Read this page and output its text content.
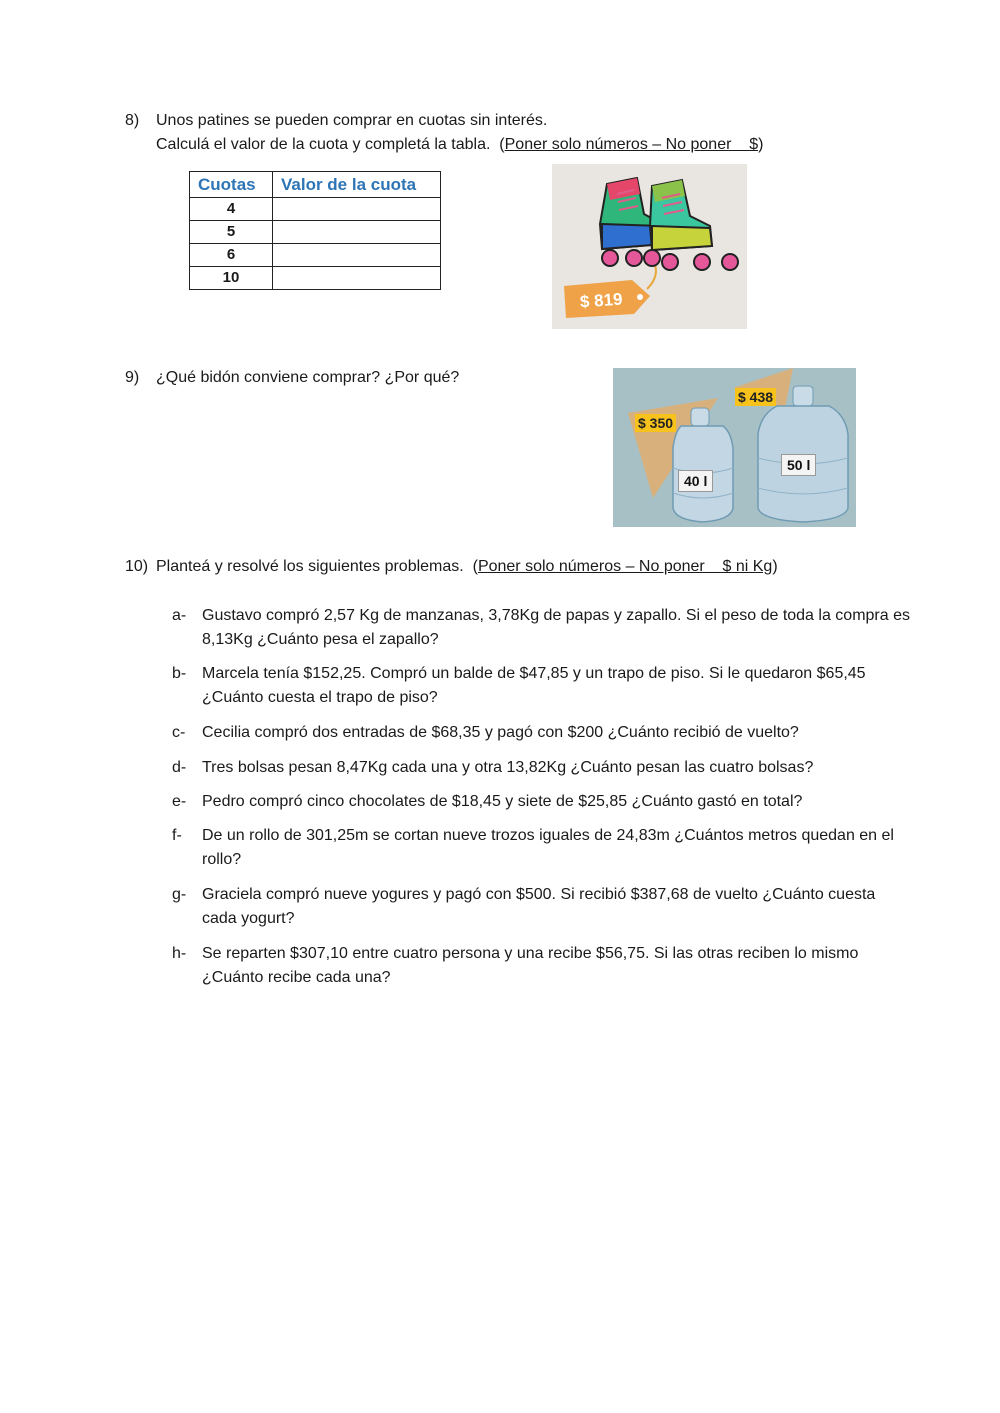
8) Unos patines se pueden comprar en cuotas sin interés.
Calculá el valor de la cuota y completá la tabla. (Poner solo números – No poner    $)
Cuotas	Valor de la cuota
4	
5	
6	
10	
$ 819
9) ¿Qué bidón conviene comprar? ¿Por qué?
$ 350
$ 438
40 l
50 l
10) Planteá y resolvé los siguientes problemas. (Poner solo números – No poner    $ ni Kg)
a- Gustavo compró 2,57 Kg de manzanas, 3,78Kg de papas y zapallo. Si el peso de toda la compra es 8,13Kg ¿Cuánto pesa el zapallo?
b- Marcela tenía $152,25. Compró un balde de $47,85 y un trapo de piso. Si le quedaron $65,45 ¿Cuánto cuesta el trapo de piso?
c- Cecilia compró dos entradas de $68,35 y pagó con $200 ¿Cuánto recibió de vuelto?
d- Tres bolsas pesan 8,47Kg cada una y otra 13,82Kg ¿Cuánto pesan las cuatro bolsas?
e- Pedro compró cinco chocolates de $18,45 y siete de $25,85 ¿Cuánto gastó en total?
f- De un rollo de 301,25m se cortan nueve trozos iguales de 24,83m ¿Cuántos metros quedan en el rollo?
g- Graciela compró nueve yogures y pagó con $500. Si recibió $387,68 de vuelto ¿Cuánto cuesta cada yogurt?
h- Se reparten $307,10 entre cuatro persona y una recibe $56,75. Si las otras reciben lo mismo ¿Cuánto recibe cada una?
